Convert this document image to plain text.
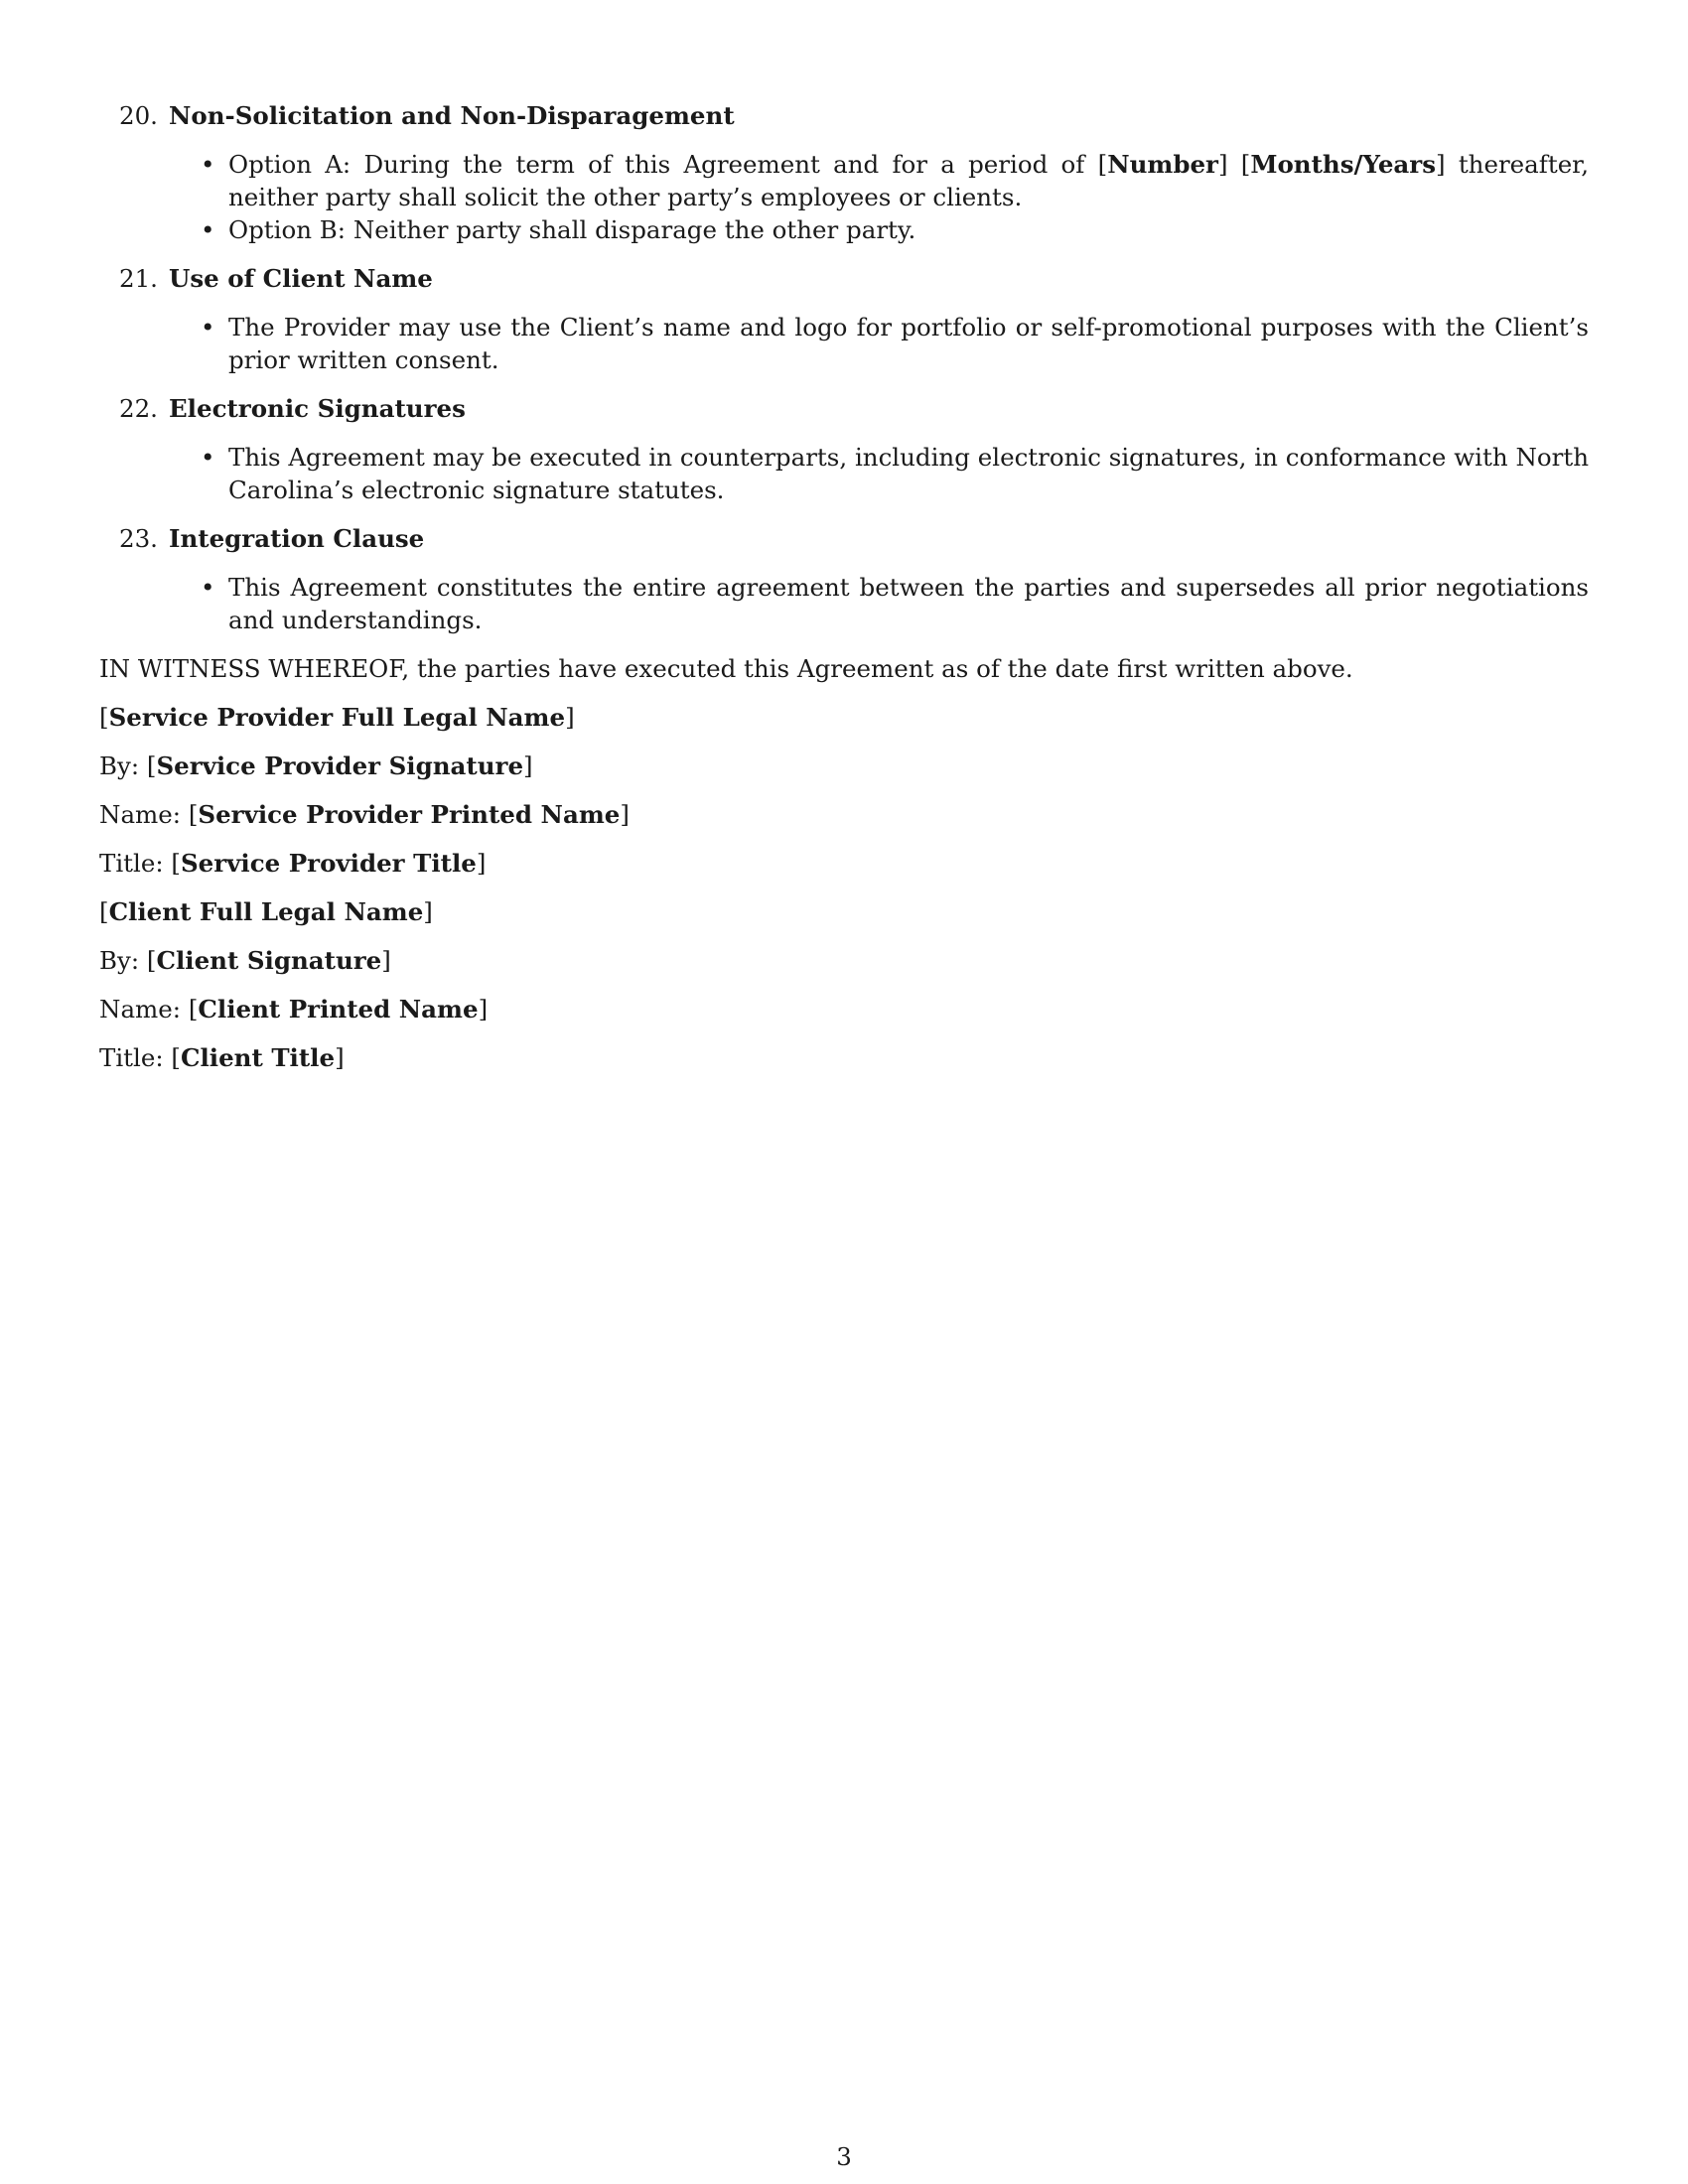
20. Non-Solicitation and Non-Disparagement
• Option A: During the term of this Agreement and for a period of [Number] [Months/Years] thereafter, neither party shall solicit the other party’s employees or clients.
• Option B: Neither party shall disparage the other party.
21. Use of Client Name
• The Provider may use the Client’s name and logo for portfolio or self-promotional purposes with the Client’s prior written consent.
22. Electronic Signatures
• This Agreement may be executed in counterparts, including electronic signatures, in conformance with North Carolina’s electronic signature statutes.
23. Integration Clause
• This Agreement constitutes the entire agreement between the parties and supersedes all prior negotiations and understandings.

IN WITNESS WHEREOF, the parties have executed this Agreement as of the date first written above.

[Service Provider Full Legal Name]

By: [Service Provider Signature]

Name: [Service Provider Printed Name]

Title: [Service Provider Title]

[Client Full Legal Name]

By: [Client Signature]

Name: [Client Printed Name]

Title: [Client Title]

3
